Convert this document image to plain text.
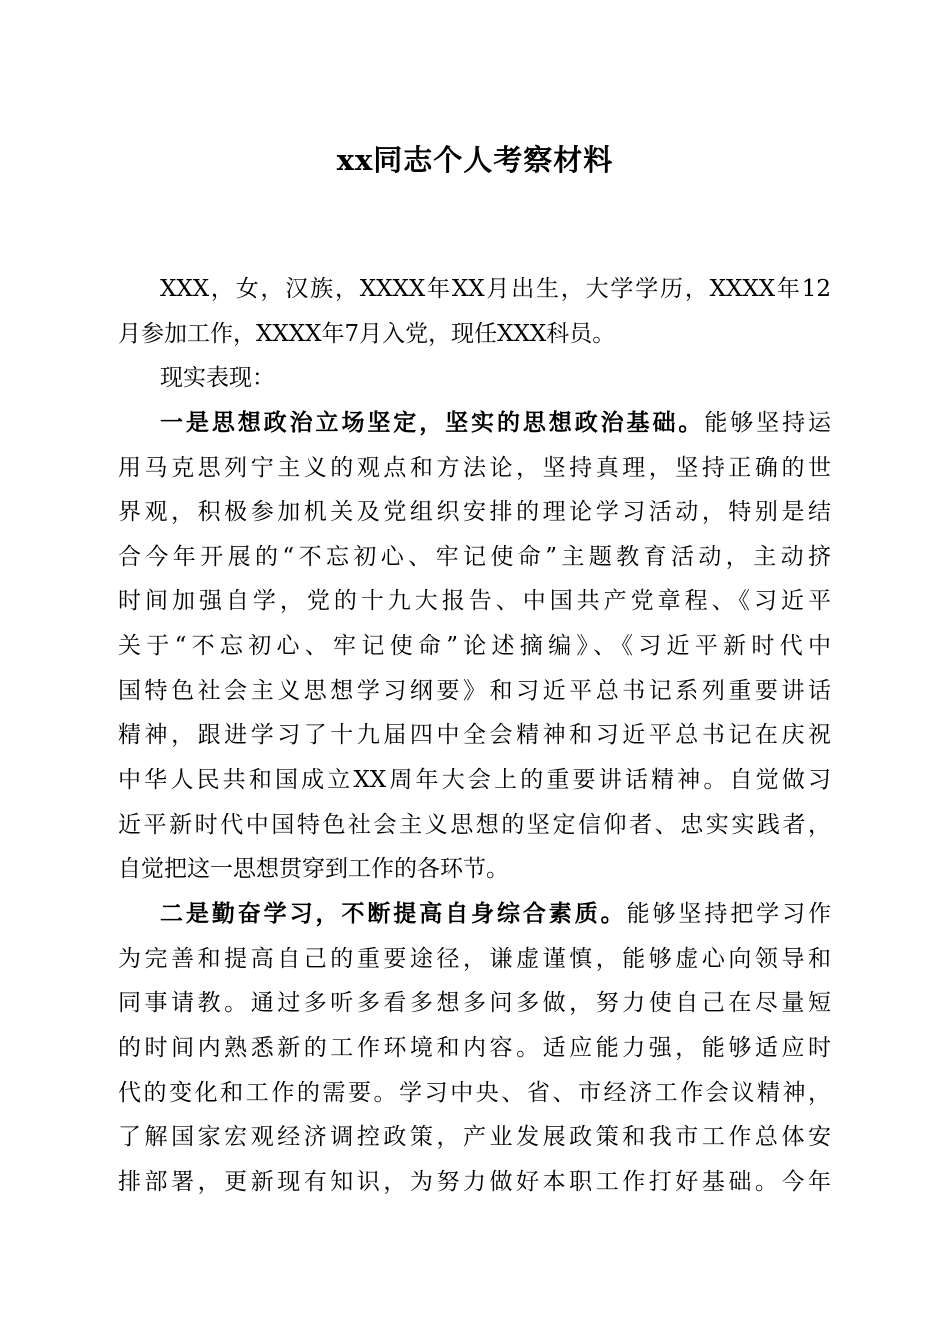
xx同志个人考察材料
XXX，女，汉族，XXXX年XX月出生，大学学历，XXXX年12
月参加工作，XXXX年7月入党，现任XXX科员。
现实表现：
一是思想政治立场坚定，坚实的思想政治基础。能够坚持运
用马克思列宁主义的观点和方法论，坚持真理，坚持正确的世
界观，积极参加机关及党组织安排的理论学习活动，特别是结
合今年开展的“不忘初心、牢记使命”主题教育活动，主动挤
时间加强自学，党的十九大报告、中国共产党章程、《习近平
关于“不忘初心、牢记使命”论述摘编》、《习近平新时代中
国特色社会主义思想学习纲要》和习近平总书记系列重要讲话
精神，跟进学习了十九届四中全会精神和习近平总书记在庆祝
中华人民共和国成立XX周年大会上的重要讲话精神。自觉做习
近平新时代中国特色社会主义思想的坚定信仰者、忠实实践者，
自觉把这一思想贯穿到工作的各环节。
二是勤奋学习，不断提高自身综合素质。能够坚持把学习作
为完善和提高自己的重要途径，谦虚谨慎，能够虚心向领导和
同事请教。通过多听多看多想多问多做，努力使自己在尽量短
的时间内熟悉新的工作环境和内容。适应能力强，能够适应时
代的变化和工作的需要。学习中央、省、市经济工作会议精神，
了解国家宏观经济调控政策，产业发展政策和我市工作总体安
排部署，更新现有知识，为努力做好本职工作打好基础。今年
